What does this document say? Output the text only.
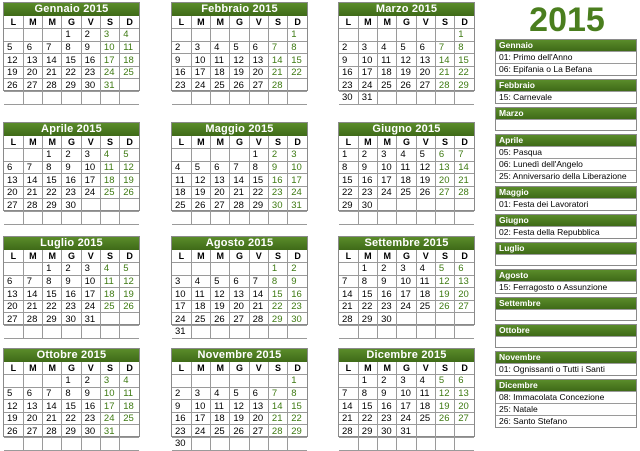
Gennaio 2015
L	M	M	G	V	S	D
			1	2	3	4
5	6	7	8	9	10	11
12	13	14	15	16	17	18
19	20	21	22	23	24	25
26	27	28	29	30	31	

Febbraio 2015
L	M	M	G	V	S	D
						1
2	3	4	5	6	7	8
9	10	11	12	13	14	15
16	17	18	19	20	21	22
23	24	25	26	27	28	

Marzo 2015
L	M	M	G	V	S	D
						1
2	3	4	5	6	7	8
9	10	11	12	13	14	15
16	17	18	19	20	21	22
23	24	25	26	27	28	29
30	31					
Aprile 2015
L	M	M	G	V	S	D
		1	2	3	4	5
6	7	8	9	10	11	12
13	14	15	16	17	18	19
20	21	22	23	24	25	26
27	28	29	30			

Maggio 2015
L	M	M	G	V	S	D
				1	2	3
4	5	6	7	8	9	10
11	12	13	14	15	16	17
18	19	20	21	22	23	24
25	26	27	28	29	30	31

Giugno 2015
L	M	M	G	V	S	D
1	2	3	4	5	6	7
8	9	10	11	12	13	14
15	16	17	18	19	20	21
22	23	24	25	26	27	28
29	30					

Luglio 2015
L	M	M	G	V	S	D
		1	2	3	4	5
6	7	8	9	10	11	12
13	14	15	16	17	18	19
20	21	22	23	24	25	26
27	28	29	30	31		

Agosto 2015
L	M	M	G	V	S	D
					1	2
3	4	5	6	7	8	9
10	11	12	13	14	15	16
17	18	19	20	21	22	23
24	25	26	27	28	29	30
31						
Settembre 2015
L	M	M	G	V	S	D
	1	2	3	4	5	6
7	8	9	10	11	12	13
14	15	16	17	18	19	20
21	22	23	24	25	26	27
28	29	30				

Ottobre 2015
L	M	M	G	V	S	D
			1	2	3	4
5	6	7	8	9	10	11
12	13	14	15	16	17	18
19	20	21	22	23	24	25
26	27	28	29	30	31	

Novembre 2015
L	M	M	G	V	S	D
						1
2	3	4	5	6	7	8
9	10	11	12	13	14	15
16	17	18	19	20	21	22
23	24	25	26	27	28	29
30						
Dicembre 2015
L	M	M	G	V	S	D
	1	2	3	4	5	6
7	8	9	10	11	12	13
14	15	16	17	18	19	20
21	22	23	24	25	26	27
28	29	30	31			

2015
Gennaio
01: Primo dell'Anno
06: Epifania o La Befana
Febbraio
15: Carnevale
Marzo
Aprile
05: Pasqua
06: Lunedì dell'Angelo
25: Anniversario della Liberazione
Maggio
01: Festa dei Lavoratori
Giugno
02: Festa della Repubblica
Luglio
Agosto
15: Ferragosto o Assunzione
Settembre
Ottobre
Novembre
01: Ognissanti o Tutti i Santi
Dicembre
08: Immacolata Concezione
25: Natale
26: Santo Stefano
